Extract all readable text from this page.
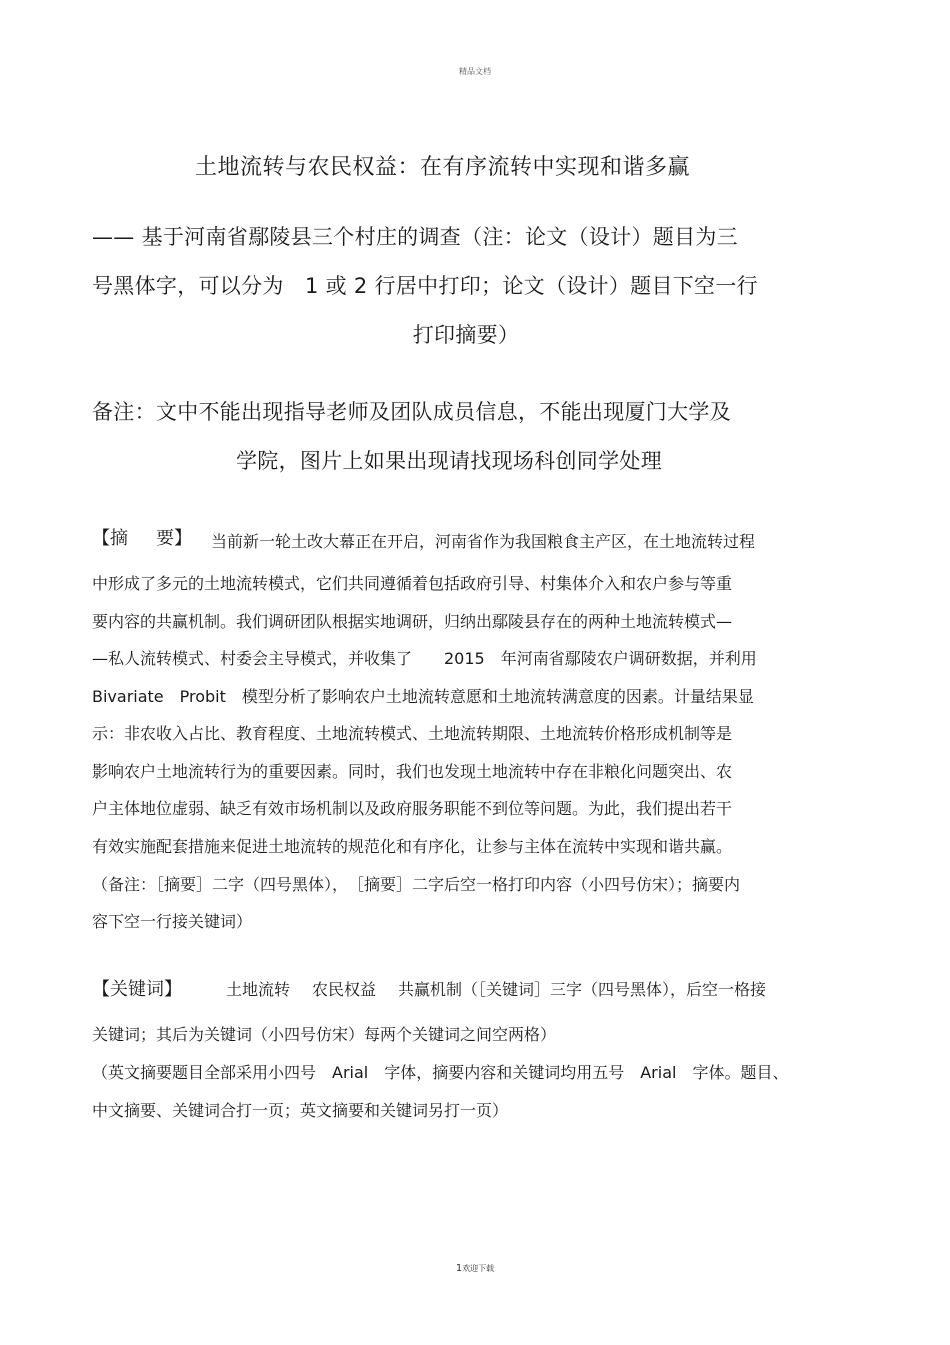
精品文档
土地流转与农民权益：在有序流转中实现和谐多赢
—— 基于河南省鄢陵县三个村庄的调查（注：论文（设计）题目为三
号黑体字，可以分为　1 或 2 行居中打印；论文（设计）题目下空一行
打印摘要）
备注：文中不能出现指导老师及团队成员信息，不能出现厦门大学及
学院，图片上如果出现请找现场科创同学处理
【摘 要】 当前新一轮土改大幕正在开启，河南省作为我国粮食主产区，在土地流转过程
中形成了多元的土地流转模式，它们共同遵循着包括政府引导、村集体介入和农户参与等重
要内容的共赢机制。我们调研团队根据实地调研，归纳出鄢陵县存在的两种土地流转模式—
—私人流转模式、村委会主导模式，并收集了　　2015　年河南省鄢陵农户调研数据，并利用
Bivariate　Probit　模型分析了影响农户土地流转意愿和土地流转满意度的因素。计量结果显
示：非农收入占比、教育程度、土地流转模式、土地流转期限、土地流转价格形成机制等是
影响农户土地流转行为的重要因素。同时，我们也发现土地流转中存在非粮化问题突出、农
户主体地位虚弱、缺乏有效市场机制以及政府服务职能不到位等问题。为此，我们提出若干
有效实施配套措施来促进土地流转的规范化和有序化，让参与主体在流转中实现和谐共赢。
（备注：［摘要］二字（四号黑体），　［摘要］二字后空一格打印内容（小四号仿宋）；摘要内
容下空一行接关键词）
【关键词】	土地流转 农民权益 共赢机制（［关键词］三字（四号黑体），后空一格接
关键词；其后为关键词（小四号仿宋）每两个关键词之间空两格）
（英文摘要题目全部采用小四号　Arial　字体，摘要内容和关键词均用五号　Arial　字体。题目、
中文摘要、关键词合打一页；英文摘要和关键词另打一页）
1欢迎下载
